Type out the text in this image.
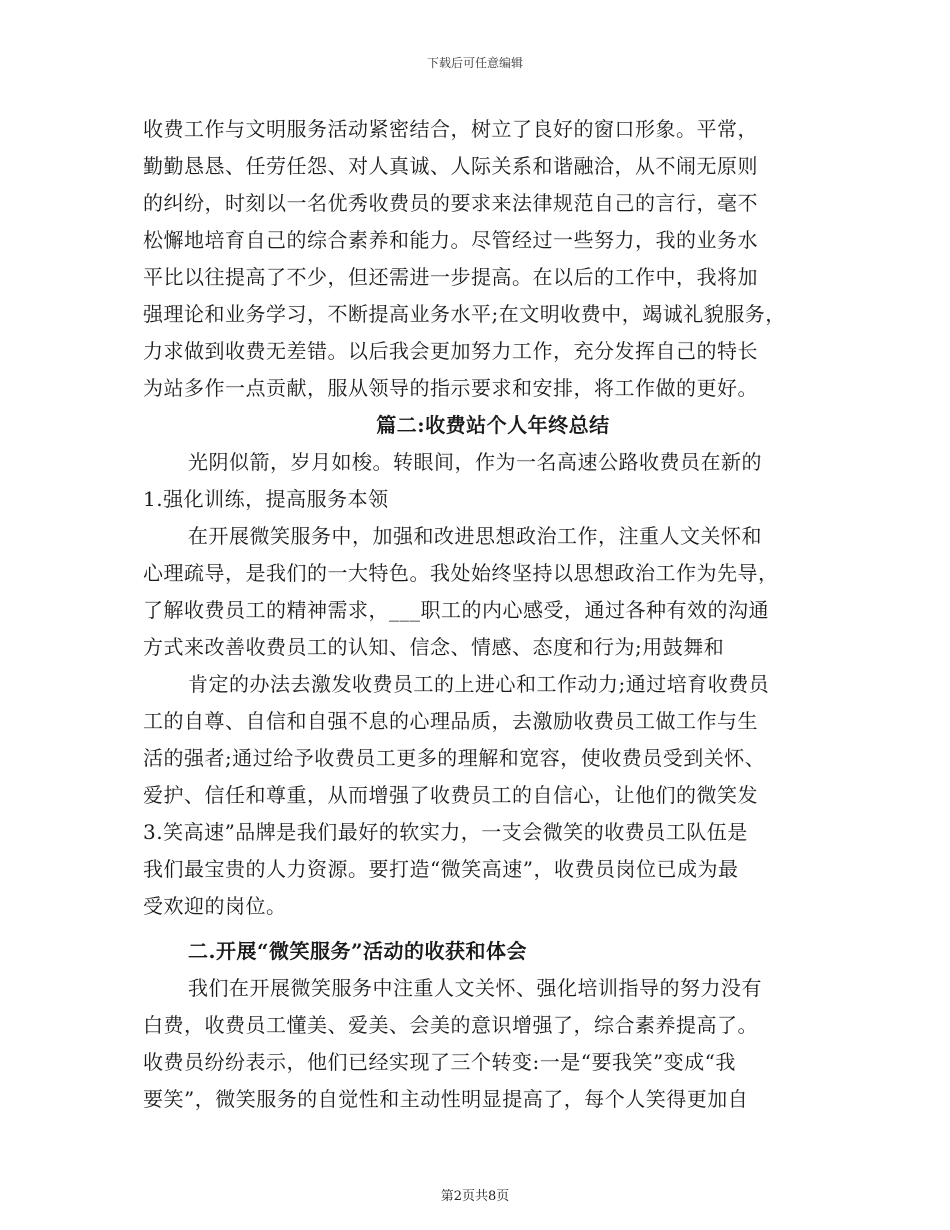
下载后可任意编辑
收费工作与文明服务活动紧密结合，树立了良好的窗口形象。平常，
勤勤恳恳、任劳任怨、对人真诚、人际关系和谐融洽，从不闹无原则
的纠纷，时刻以一名优秀收费员的要求来法律规范自己的言行，毫不
松懈地培育自己的综合素养和能力。尽管经过一些努力，我的业务水
平比以往提高了不少，但还需进一步提高。在以后的工作中，我将加
强理论和业务学习，不断提高业务水平;在文明收费中，竭诚礼貌服务，
力求做到收费无差错。以后我会更加努力工作，充分发挥自己的特长
为站多作一点贡献，服从领导的指示要求和安排，将工作做的更好。
篇二:收费站个人年终总结
光阴似箭，岁月如梭。转眼间，作为一名高速公路收费员在新的
1.强化训练，提高服务本领
在开展微笑服务中，加强和改进思想政治工作，注重人文关怀和
心理疏导，是我们的一大特色。我处始终坚持以思想政治工作为先导，
了解收费员工的精神需求，___职工的内心感受，通过各种有效的沟通
方式来改善收费员工的认知、信念、情感、态度和行为;用鼓舞和
肯定的办法去激发收费员工的上进心和工作动力;通过培育收费员
工的自尊、自信和自强不息的心理品质，去激励收费员工做工作与生
活的强者;通过给予收费员工更多的理解和宽容，使收费员受到关怀、
爱护、信任和尊重，从而增强了收费员工的自信心，让他们的微笑发
3.笑高速”品牌是我们最好的软实力，一支会微笑的收费员工队伍是
我们最宝贵的人力资源。要打造“微笑高速”，收费员岗位已成为最
受欢迎的岗位。
二.开展“微笑服务”活动的收获和体会
我们在开展微笑服务中注重人文关怀、强化培训指导的努力没有
白费，收费员工懂美、爱美、会美的意识增强了，综合素养提高了。
收费员纷纷表示，他们已经实现了三个转变:一是“要我笑”变成“我
要笑”，微笑服务的自觉性和主动性明显提高了，每个人笑得更加自
第2页共8页
